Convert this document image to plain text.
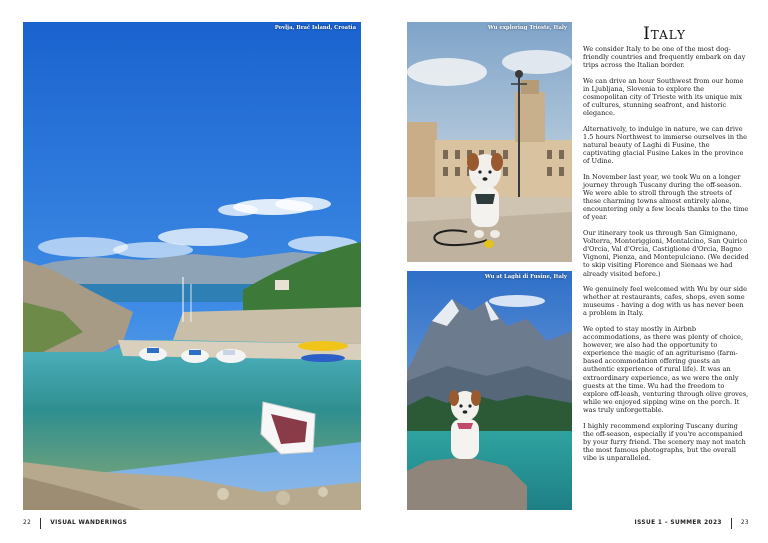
Povlja, Brač Island, Croatia	Wu exploring Trieste, Italy
Wu at Laghi di Fusine, Italy
Italy

We consider Italy to be one of the most dog-friendly countries and frequently embark on day trips across the Italian border.

We can drive an hour Southwest from our home in Ljubljana, Slovenia to explore the cosmopolitan city of Trieste with its unique mix of cultures, stunning seafront, and historic elegance.

Alternatively, to indulge in nature, we can drive 1.5 hours Northwest to immerse ourselves in the natural beauty of Laghi di Fusine, the captivating glacial Fusine Lakes in the province of Udine.

In November last year, we took Wu on a longer journey through Tuscany during the off-season. We were able to stroll through the streets of these charming towns almost entirely alone, encountering only a few locals thanks to the time of year.

Our itinerary took us through San Gimignano, Volterra, Monteriggioni, Montalcino, San Quirico d'Orcia, Val d'Orcia, Castiglione d'Orcia, Bagno Vignoni, Pienza, and Montepulciano. (We decided to skip visiting Florence and Sienaas we had already visited before.)

We genuinely feel welcomed with Wu by our side whether at restaurants, cafes, shops, even some museums - having a dog with us has never been a problem in Italy.

We opted to stay mostly in Airbnb accommodations, as there was plenty of choice, however, we also had the opportunity to experience the magic of an agriturismo (farm-based accommodation offering guests an authentic experience of rural life). It was an extraordinary experience, as we were the only guests at the time. Wu had the freedom to explore off-leash, venturing through olive groves, while we enjoyed sipping wine on the porch. It was truly unforgettable.

I highly recommend exploring Tuscany during the off-season, especially if you're accompanied by your furry friend. The scenery may not match the most famous photographs, but the overall vibe is unparalleled.

22	VISUAL WANDERINGS	ISSUE 1 – SUMMER 2023	23
